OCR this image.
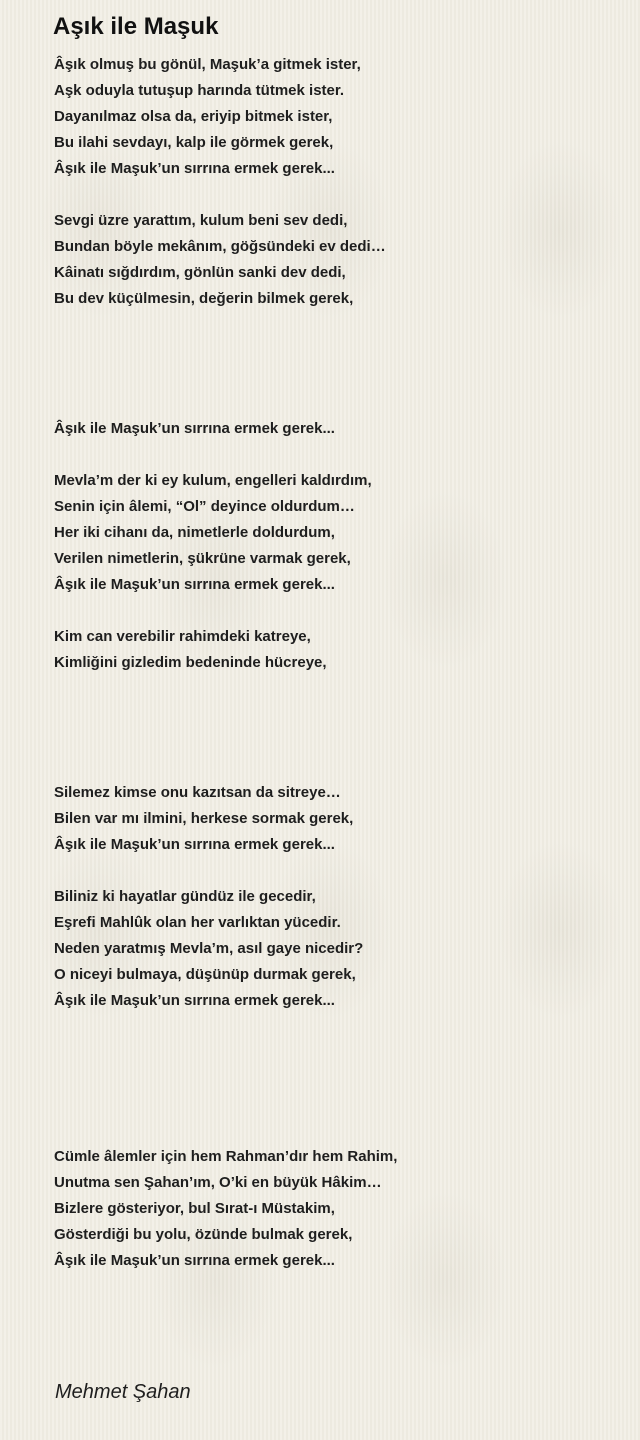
Aşık ile Maşuk
Âşık olmuş bu gönül, Maşuk’a gitmek ister,
Aşk oduyla tutuşup harında tütmek ister.
Dayanılmaz olsa da, eriyip bitmek ister,
Bu ilahi sevdayı, kalp ile görmek gerek,
Âşık ile Maşuk’un sırrına ermek gerek...
Sevgi üzre yarattım, kulum beni sev dedi,
Bundan böyle mekânım, göğsündeki ev dedi…
Kâinatı sığdırdım, gönlün sanki dev dedi,
Bu dev küçülmesin, değerin bilmek gerek,
Âşık ile Maşuk’un sırrına ermek gerek...
Mevla’m der ki ey kulum, engelleri kaldırdım,
Senin için âlemi, “Ol” deyince oldurdum…
Her iki cihanı da, nimetlerle doldurdum,
Verilen nimetlerin, şükrüne varmak gerek,
Âşık ile Maşuk’un sırrına ermek gerek...
Kim can verebilir rahimdeki katreye,
Kimliğini gizledim bedeninde hücreye,
Silemez kimse onu kazıtsan da sitreye…
Bilen var mı ilmini, herkese sormak gerek,
Âşık ile Maşuk’un sırrına ermek gerek...
Biliniz ki hayatlar gündüz ile gecedir,
Eşrefi Mahlûk olan her varlıktan yücedir.
Neden yaratmış Mevla’m, asıl gaye nicedir?
O niceyi bulmaya, düşünüp durmak gerek,
Âşık ile Maşuk’un sırrına ermek gerek...
Cümle âlemler için hem Rahman’dır hem Rahim,
Unutma sen Şahan’ım, O’ki en büyük Hâkim…
Bizlere gösteriyor, bul Sırat-ı Müstakim,
Gösterdiği bu yolu, özünde bulmak gerek,
Âşık ile Maşuk’un sırrına ermek gerek...
Mehmet Şahan
